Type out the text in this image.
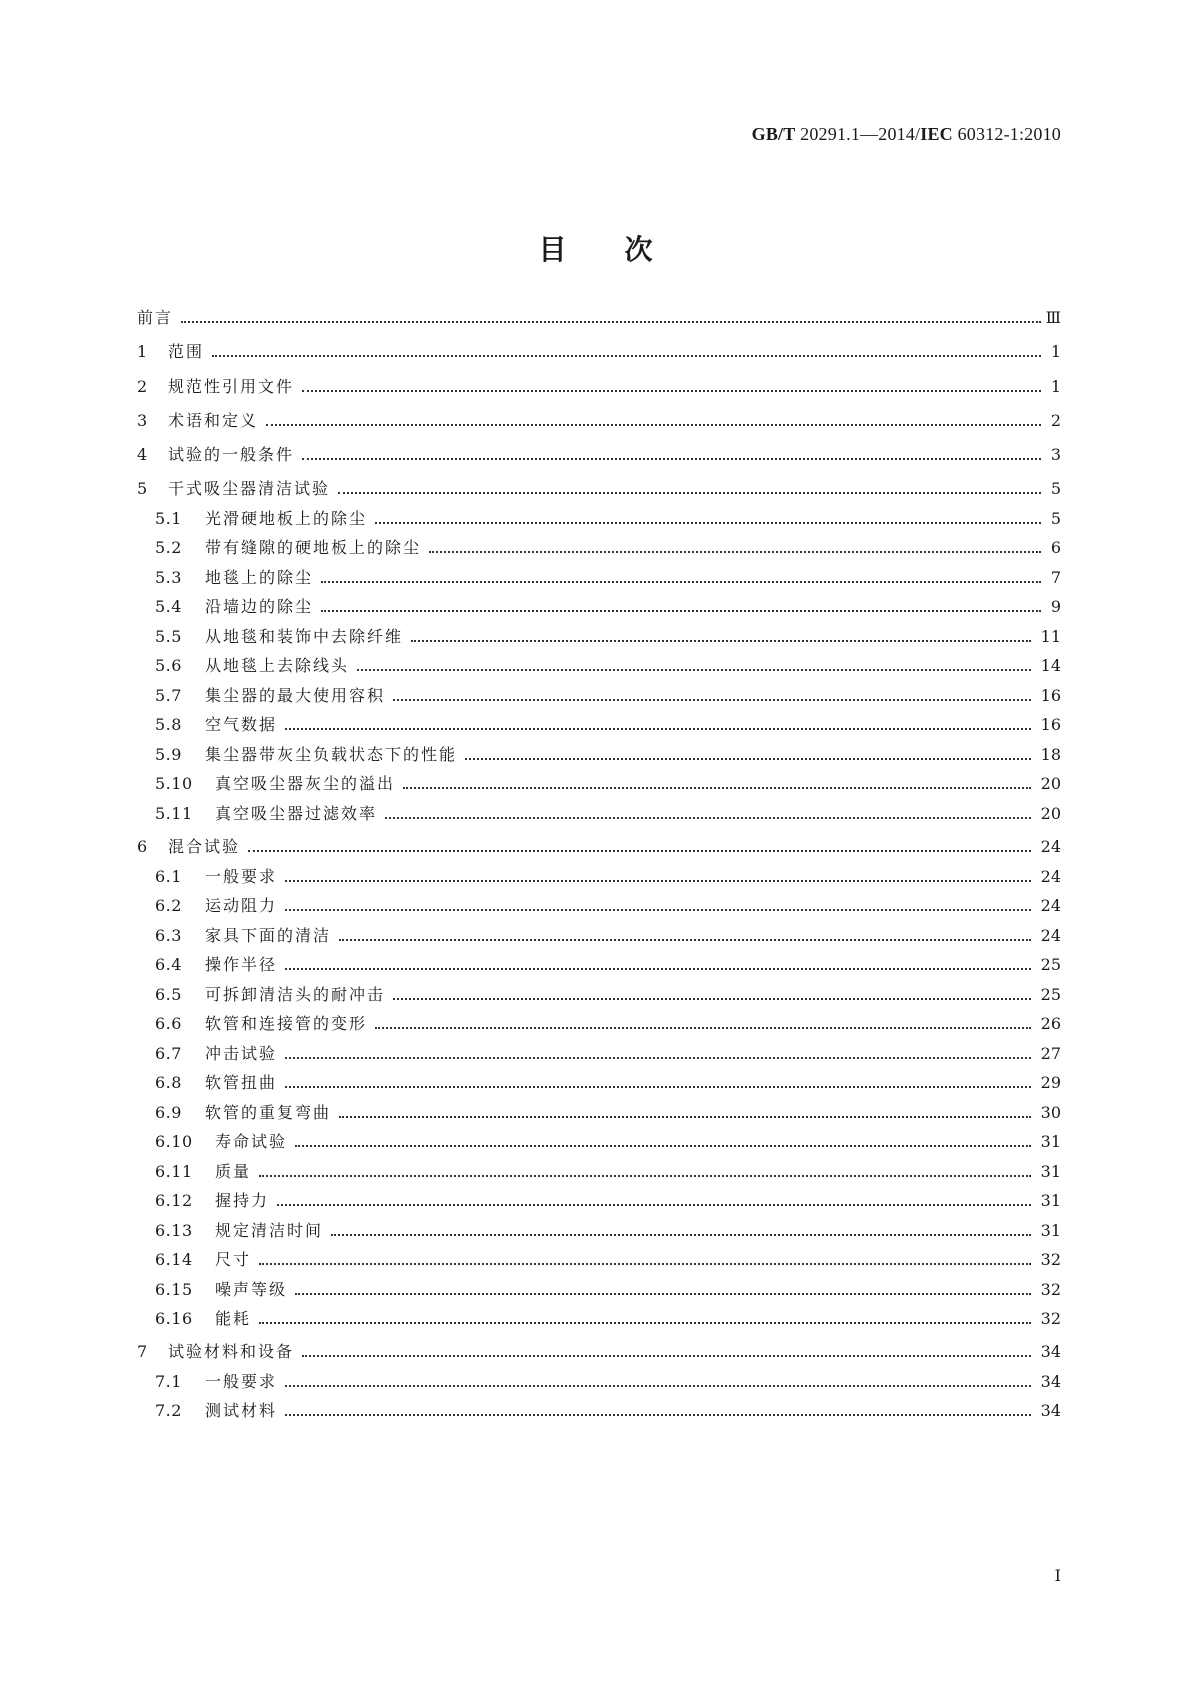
GB/T 20291.1—2014/IEC 60312-1:2010
目次
前言	Ⅲ
1 范围	1
2 规范性引用文件	1
3 术语和定义	2
4 试验的一般条件	3
5 干式吸尘器清洁试验	5
5.1 光滑硬地板上的除尘	5
5.2 带有缝隙的硬地板上的除尘	6
5.3 地毯上的除尘	7
5.4 沿墙边的除尘	9
5.5 从地毯和装饰中去除纤维	11
5.6 从地毯上去除线头	14
5.7 集尘器的最大使用容积	16
5.8 空气数据	16
5.9 集尘器带灰尘负载状态下的性能	18
5.10 真空吸尘器灰尘的溢出	20
5.11 真空吸尘器过滤效率	20
6 混合试验	24
6.1 一般要求	24
6.2 运动阻力	24
6.3 家具下面的清洁	24
6.4 操作半径	25
6.5 可拆卸清洁头的耐冲击	25
6.6 软管和连接管的变形	26
6.7 冲击试验	27
6.8 软管扭曲	29
6.9 软管的重复弯曲	30
6.10 寿命试验	31
6.11 质量	31
6.12 握持力	31
6.13 规定清洁时间	31
6.14 尺寸	32
6.15 噪声等级	32
6.16 能耗	32
7 试验材料和设备	34
7.1 一般要求	34
7.2 测试材料	34
I
